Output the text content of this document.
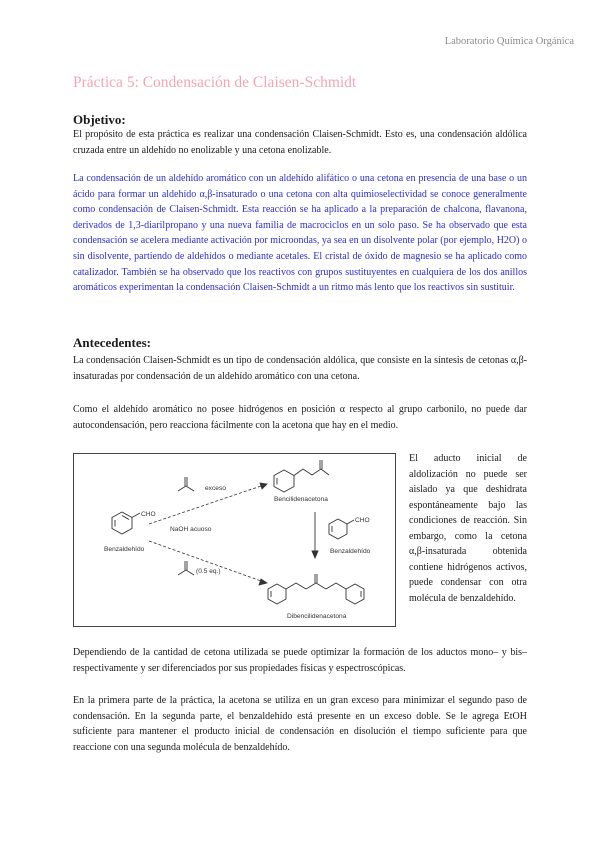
Laboratorio Química Orgánica
Práctica 5: Condensación de Claisen-Schmidt
Objetivo:

El propósito de esta práctica es realizar una condensación Claisen-Schmidt. Esto es, una condensación aldólica cruzada entre un aldehído no enolizable y una cetona enolizable.

La condensación de un aldehído aromático con un aldehído alifático o una cetona en presencia de una base o un ácido para formar un aldehído α,β-insaturado o una cetona con alta quimioselectividad se conoce generalmente como condensación de Claisen-Schmidt. Esta reacción se ha aplicado a la preparación de chalcona, flavanona, derivados de 1,3-diarilpropano y una nueva familia de macrociclos en un solo paso. Se ha observado que esta condensación se acelera mediante activación por microondas, ya sea en un disolvente polar (por ejemplo, H2O) o sin disolvente, partiendo de aldehídos o mediante acetales. El cristal de óxido de magnesio se ha aplicado como catalizador. También se ha observado que los reactivos con grupos sustituyentes en cualquiera de los dos anillos aromáticos experimentan la condensación Claisen-Schmidt a un ritmo más lento que los reactivos sin sustituir.

Antecedentes:

La condensación Claisen-Schmidt es un tipo de condensación aldólica, que consiste en la síntesis de cetonas α,β-insaturadas por condensación de un aldehído aromático con una cetona.

Como el aldehído aromático no posee hidrógenos en posición α respecto al grupo carbonilo, no puede dar autocondensación, pero reacciona fácilmente con la acetona que hay en el medio.

CHO
Benzaldehído
exceso
NaOH acuoso
(0.5 eq.)
Bencilidenacetona
CHO
Benzaldehído
Dibencilidenacetona

El aducto inicial de aldolización no puede ser aislado ya que deshidrata espontáneamente bajo las condiciones de reacción. Sin embargo, como la cetona α,β-insaturada obtenida contiene hidrógenos activos, puede condensar con otra molécula de benzaldehído.

Dependiendo de la cantidad de cetona utilizada se puede optimizar la formación de los aductos mono– y bis– respectivamente y ser diferenciados por sus propiedades físicas y espectroscópicas.

En la primera parte de la práctica, la acetona se utiliza en un gran exceso para minimizar el segundo paso de condensación. En la segunda parte, el benzaldehído está presente en un exceso doble. Se le agrega EtOH suficiente para mantener el producto inicial de condensación en disolución el tiempo suficiente para que reaccione con una segunda molécula de benzaldehído.
